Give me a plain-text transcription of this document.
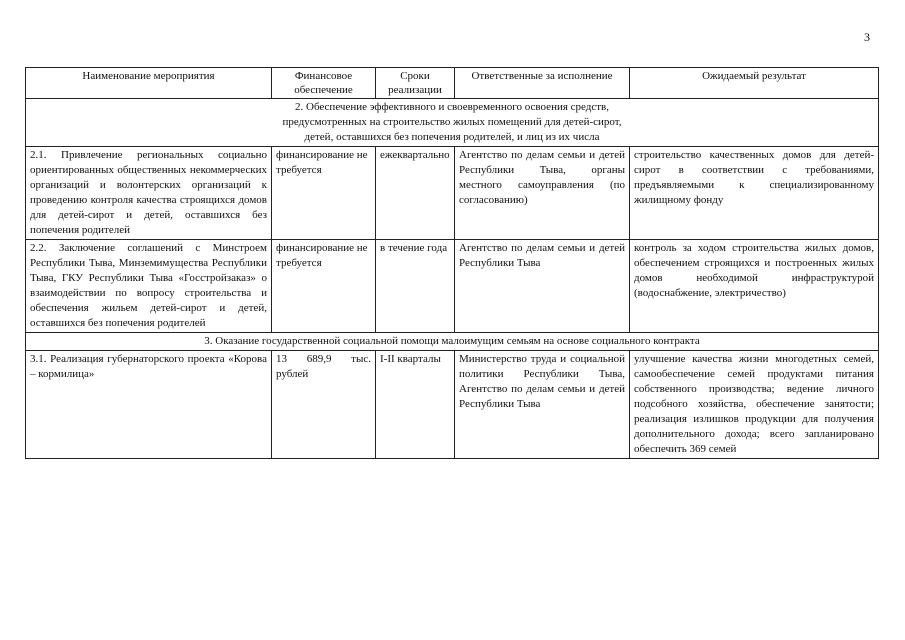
3
Наименование мероприятия	Финансовое обеспечение	Сроки реализации	Ответственные за исполнение	Ожидаемый результат

2. Обеспечение эффективного и своевременного освоения средств,
предусмотренных на строительство жилых помещений для детей-сирот,
детей, оставшихся без попечения родителей, и лиц из их числа				

2.1. Привлечение региональных социально ориентированных общественных некоммерческих организаций и волонтерских организаций к проведению контроля качества строящихся домов для детей-сирот и детей, оставшихся без попечения родителей	финансирование не требуется	ежеквартально	Агентство по делам семьи и детей Республики Тыва, органы местного самоуправления (по согласованию)	строительство качественных домов для детей-сирот в соответствии с требованиями, предъявляемыми к специализированному жилищному фонду
2.2. Заключение соглашений с Минстроем Республики Тыва, Минземимущества Республики Тыва, ГКУ Республики Тыва «Госстройзаказ» о взаимодействии по вопросу строительства и обеспечения жильем детей-сирот и детей, оставшихся без попечения родителей	финансирование не требуется	в течение года	Агентство по делам семьи и детей Республики Тыва	контроль за ходом строительства жилых домов, обеспечением строящихся и построенных жилых домов необходимой инфраструктурой (водоснабжение, электричество)
3. Оказание государственной социальной помощи малоимущим семьям на основе социального контракта				
3.1. Реализация губернаторского проекта «Корова – кормилица»	13 689,9 тыс. рублей	I-II кварталы	Министерство труда и социальной политики Республики Тыва, Агентство по делам семьи и детей Республики Тыва	улучшение качества жизни многодетных семей, самообеспечение семей продуктами питания собственного производства; ведение личного подсобного хозяйства, обеспечение занятости; реализация излишков продукции для получения дополнительного дохода; всего запланировано обеспечить 369 семей
